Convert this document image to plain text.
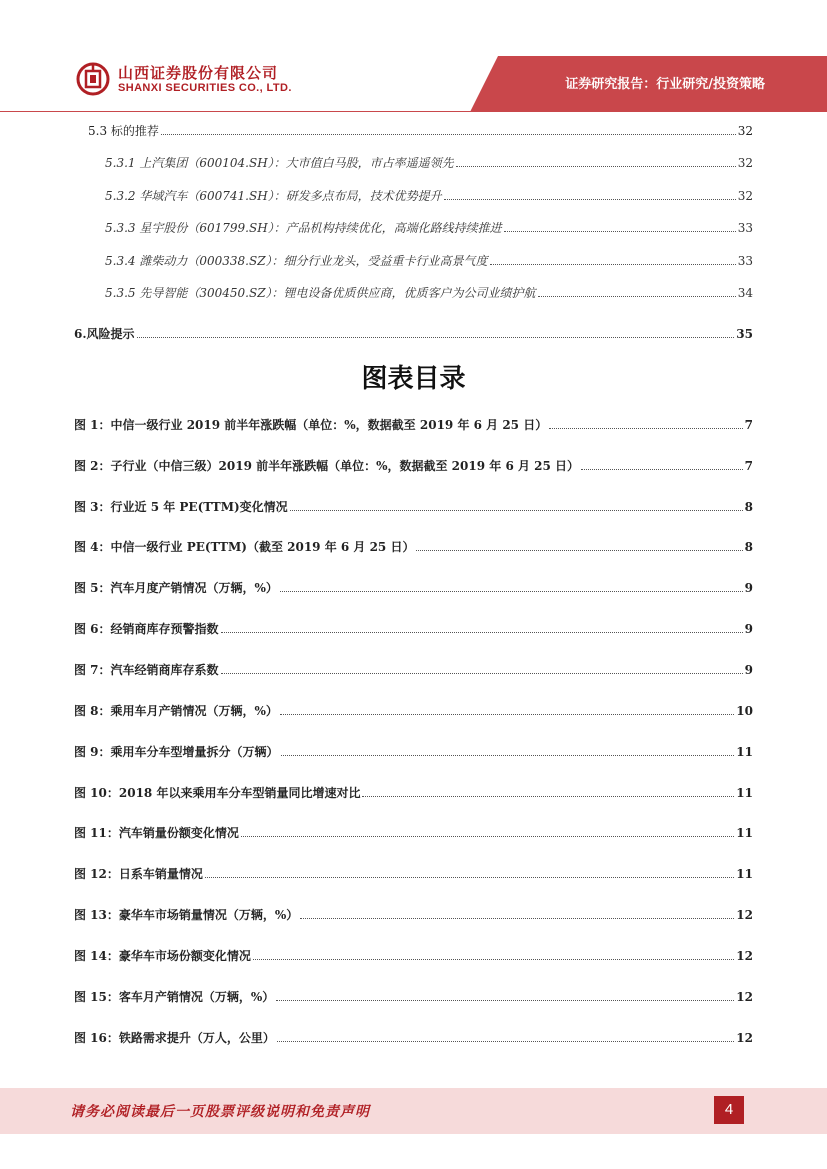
山西证券股份有限公司
SHANXI SECURITIES CO., LTD.	证券研究报告：行业研究/投资策略
5.3 标的推荐	32
5.3.1 上汽集团（600104.SH）：大市值白马股，市占率遥遥领先	32
5.3.2 华域汽车（600741.SH）：研发多点布局，技术优势提升	32
5.3.3 星宇股份（601799.SH）：产品机构持续优化，高端化路线持续推进	33
5.3.4 潍柴动力（000338.SZ）：细分行业龙头，受益重卡行业高景气度	33
5.3.5 先导智能（300450.SZ）：锂电设备优质供应商，优质客户为公司业绩护航	34
6.风险提示	35
图表目录
图 1：中信一级行业 2019 前半年涨跌幅（单位：%，数据截至 2019 年 6 月 25 日）	7
图 2：子行业（中信三级）2019 前半年涨跌幅（单位：%，数据截至 2019 年 6 月 25 日）	7
图 3：行业近 5 年 PE(TTM)变化情况	8
图 4：中信一级行业 PE(TTM)（截至 2019 年 6 月 25 日）	8
图 5：汽车月度产销情况（万辆，%）	9
图 6：经销商库存预警指数	9
图 7：汽车经销商库存系数	9
图 8：乘用车月产销情况（万辆，%）	10
图 9：乘用车分车型增量拆分（万辆）	11
图 10：2018 年以来乘用车分车型销量同比增速对比	11
图 11：汽车销量份额变化情况	11
图 12：日系车销量情况	11
图 13：豪华车市场销量情况（万辆，%）	12
图 14：豪华车市场份额变化情况	12
图 15：客车月产销情况（万辆，%）	12
图 16：铁路需求提升（万人，公里）	12
请务必阅读最后一页股票评级说明和免责声明	4
